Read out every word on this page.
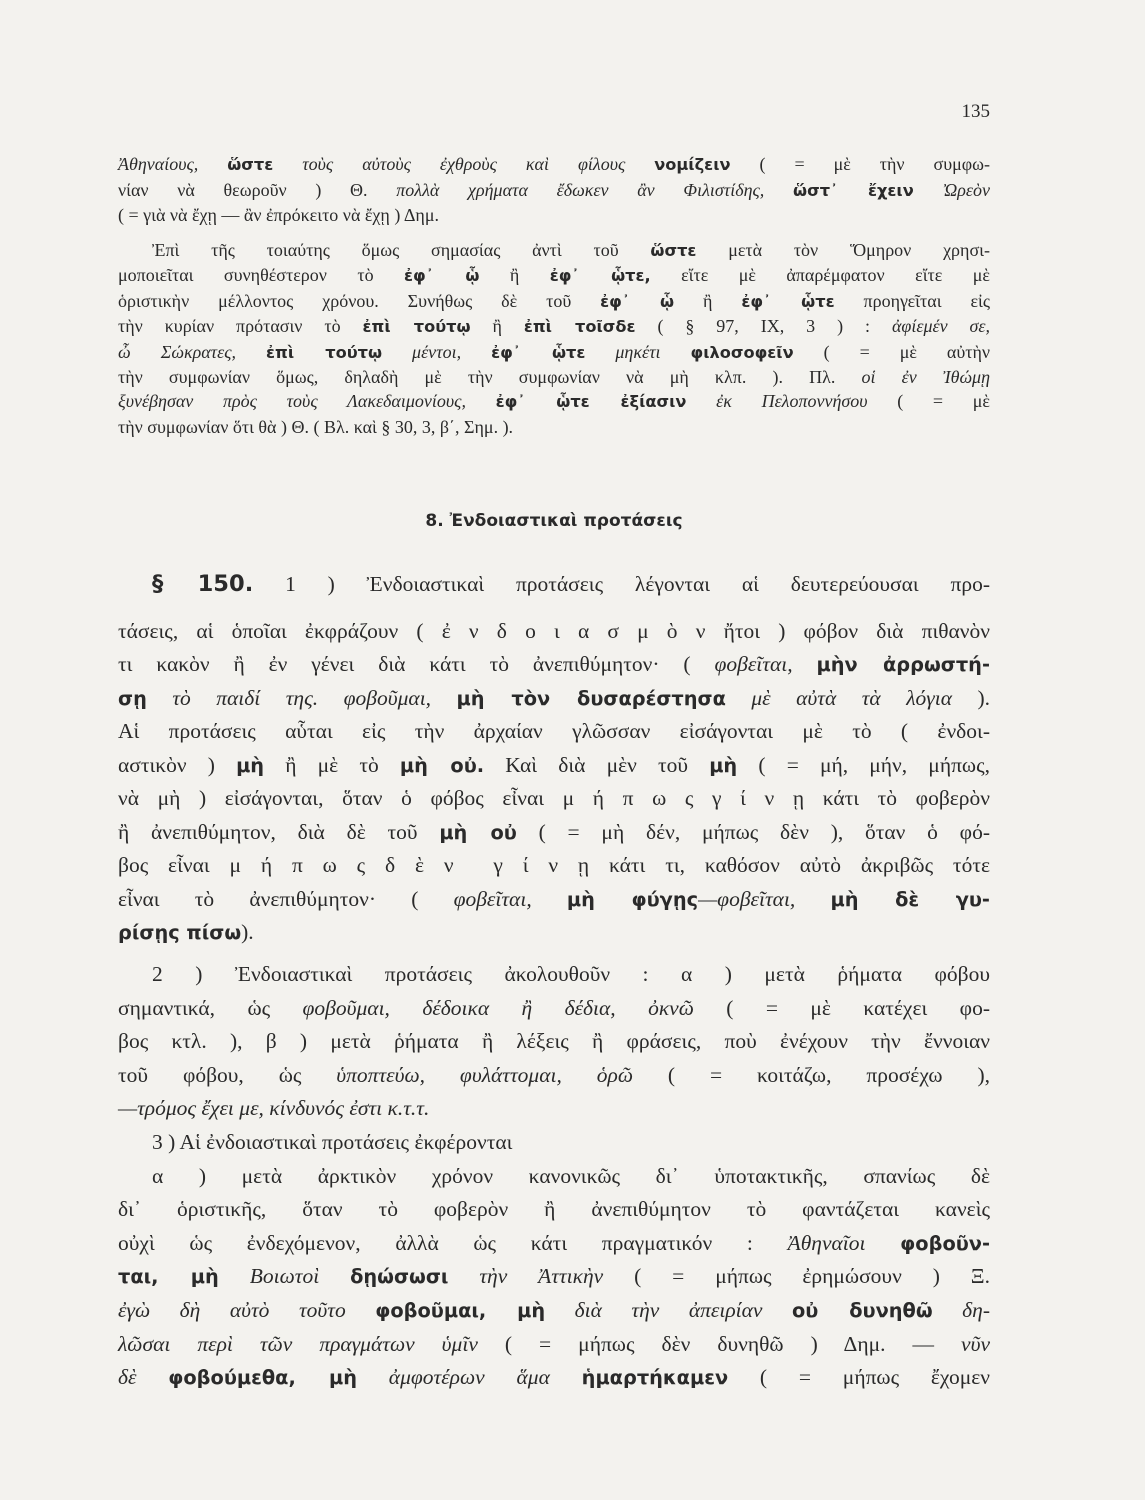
135
Ἀθηναίους, ὥστε τοὺς αὐτοὺς ἐχθροὺς καὶ φίλους νομίζειν ( = μὲ τὴν συμφω-
νίαν νὰ θεωροῦν ) Θ. πολλὰ χρήματα ἔδωκεν ἂν Φιλιστίδης, ὥστ᾿ ἔχειν Ὠρεὸν
( = γιὰ νὰ ἔχῃ — ἂν ἐπρόκειτο νὰ ἔχῃ ) Δημ.
Ἐπὶ τῆς τοιαύτης ὅμως σημασίας ἀντὶ τοῦ ὥστε μετὰ τὸν Ὅμηρον χρησι-
μοποιεῖται συνηθέστερον τὸ ἐφ᾿ ᾧ ἢ ἐφ᾿ ᾧτε, εἴτε μὲ ἀπαρέμφατον εἴτε μὲ
ὁριστικὴν μέλλοντος χρόνου. Συνήθως δὲ τοῦ ἐφ᾿ ᾧ ἢ ἐφ᾿ ᾧτε προηγεῖται εἰς
τὴν κυρίαν πρότασιν τὸ ἐπὶ τούτῳ ἢ ἐπὶ τοῖσδε ( § 97, ΙΧ, 3 ) : ἀφίεμέν σε,
ὦ Σώκρατες, ἐπὶ τούτῳ μέντοι, ἐφ᾿ ᾧτε μηκέτι φιλοσοφεῖν ( = μὲ αὐτὴν
τὴν συμφωνίαν ὅμως, δηλαδὴ μὲ τὴν συμφωνίαν νὰ μὴ κλπ. ). Πλ. οἱ ἐν Ἰθώμῃ
ξυνέβησαν πρὸς τοὺς Λακεδαιμονίους, ἐφ᾿ ᾧτε ἐξίασιν ἐκ Πελοποννήσου ( = μὲ
τὴν συμφωνίαν ὅτι θὰ ) Θ. ( Βλ. καὶ § 30, 3, β΄, Σημ. ).
8. Ἐνδοιαστικαὶ προτάσεις
§ 150. 1 ) Ἐνδοιαστικαὶ προτάσεις λέγονται αἱ δευτερεύουσαι προ-
τάσεις, αἱ ὁποῖαι ἐκφράζουν ( ἐ ν δ ο ι α σ μ ὸ ν ἤτοι ) φόβον διὰ πιθανὸν
τι κακὸν ἢ ἐν γένει διὰ κάτι τὸ ἀνεπιθύμητον· ( φοβεῖται, μὴν ἀρρωστή-
σῃ τὸ παιδί της. φοβοῦμαι, μὴ τὸν δυσαρέστησα μὲ αὐτὰ τὰ λόγια ).
Αἱ προτάσεις αὗται εἰς τὴν ἀρχαίαν γλῶσσαν εἰσάγονται μὲ τὸ ( ἐνδοι-
αστικὸν ) μὴ ἢ μὲ τὸ μὴ οὐ. Καὶ διὰ μὲν τοῦ μὴ ( = μή, μήν, μήπως,
νὰ μὴ ) εἰσάγονται, ὅταν ὁ φόβος εἶναι μ ή π ω ς γ ί ν ῃ κάτι τὸ φοβερὸν
ἢ ἀνεπιθύμητον, διὰ δὲ τοῦ μὴ οὐ ( = μὴ δέν, μήπως δὲν ), ὅταν ὁ φό-
βος εἶναι μ ή π ω ς δ ὲ ν  γ ί ν ῃ κάτι τι, καθόσον αὐτὸ ἀκριβῶς τότε
εἶναι τὸ ἀνεπιθύμητον· ( φοβεῖται, μὴ φύγῃς—φοβεῖται, μὴ δὲ γυ-
ρίσῃς πίσω).
2 ) Ἐνδοιαστικαὶ προτάσεις ἀκολουθοῦν : α ) μετὰ ῥήματα φόβου
σημαντικά, ὡς φοβοῦμαι, δέδοικα ἢ δέδια, ὀκνῶ ( = μὲ κατέχει φο-
βος κτλ. ), β ) μετὰ ῥήματα ἢ λέξεις ἢ φράσεις, ποὺ ἐνέχουν τὴν ἔννοιαν
τοῦ φόβου, ὡς ὑποπτεύω, φυλάττομαι, ὁρῶ ( = κοιτάζω, προσέχω ),
—τρόμος ἔχει με, κίνδυνός ἐστι κ.τ.τ.
3 ) Αἱ ἐνδοιαστικαὶ προτάσεις ἐκφέρονται
α ) μετὰ ἀρκτικὸν χρόνον κανονικῶς δι᾿ ὑποτακτικῆς, σπανίως δὲ
δι᾿ ὁριστικῆς, ὅταν τὸ φοβερὸν ἢ ἀνεπιθύμητον τὸ φαντάζεται κανεὶς
οὐχὶ ὡς ἐνδεχόμενον, ἀλλὰ ὡς κάτι πραγματικόν : Ἀθηναῖοι φοβοῦν-
ται, μὴ Βοιωτοὶ δῃώσωσι τὴν Ἀττικὴν ( = μήπως ἐρημώσουν ) Ξ.
ἐγὼ δὴ αὐτὸ τοῦτο φοβοῦμαι, μὴ διὰ τὴν ἀπειρίαν οὐ δυνηθῶ δη-
λῶσαι περὶ τῶν πραγμάτων ὑμῖν ( = μήπως δὲν δυνηθῶ ) Δημ. — νῦν
δὲ φοβούμεθα, μὴ ἀμφοτέρων ἅμα ἡμαρτήκαμεν ( = μήπως ἔχομεν
